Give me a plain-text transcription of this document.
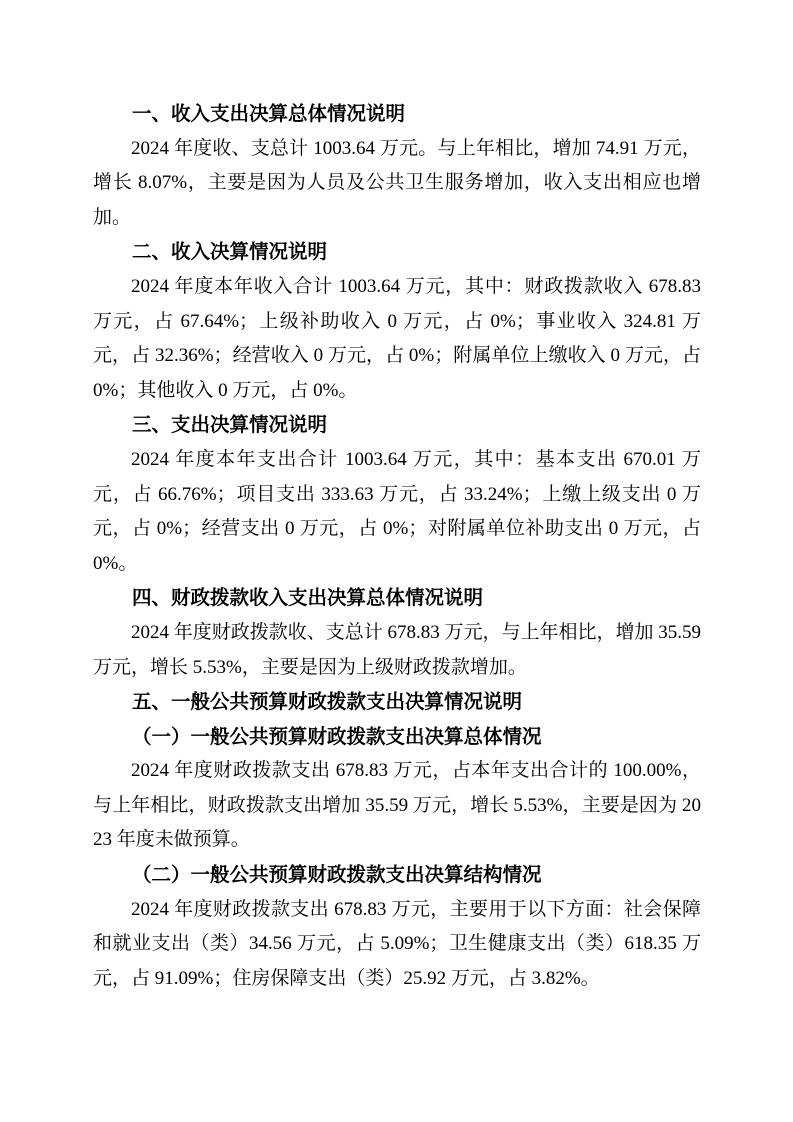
一、收入支出决算总体情况说明
2024 年度收、支总计 1003.64 万元。与上年相比，增加 74.91 万元，增长 8.07%，主要是因为人员及公共卫生服务增加，收入支出相应也增加。
二、收入决算情况说明
2024 年度本年收入合计 1003.64 万元，其中：财政拨款收入 678.83 万元，占 67.64%；上级补助收入 0 万元，占 0%；事业收入 324.81 万元，占 32.36%；经营收入 0 万元，占 0%；附属单位上缴收入 0 万元，占 0%；其他收入 0 万元，占 0%。
三、支出决算情况说明
2024 年度本年支出合计 1003.64 万元，其中：基本支出 670.01 万元，占 66.76%；项目支出 333.63 万元，占 33.24%；上缴上级支出 0 万元，占 0%；经营支出 0 万元，占 0%；对附属单位补助支出 0 万元，占 0%。
四、财政拨款收入支出决算总体情况说明
2024 年度财政拨款收、支总计 678.83 万元，与上年相比，增加 35.59 万元，增长 5.53%，主要是因为上级财政拨款增加。
五、一般公共预算财政拨款支出决算情况说明
（一）一般公共预算财政拨款支出决算总体情况
2024 年度财政拨款支出 678.83 万元，占本年支出合计的 100.00%，与上年相比，财政拨款支出增加 35.59 万元，增长 5.53%，主要是因为 2023 年度未做预算。
（二）一般公共预算财政拨款支出决算结构情况
2024 年度财政拨款支出 678.83 万元，主要用于以下方面：社会保障和就业支出（类）34.56 万元，占 5.09%；卫生健康支出（类）618.35 万元，占 91.09%；住房保障支出（类）25.92 万元，占 3.82%。
